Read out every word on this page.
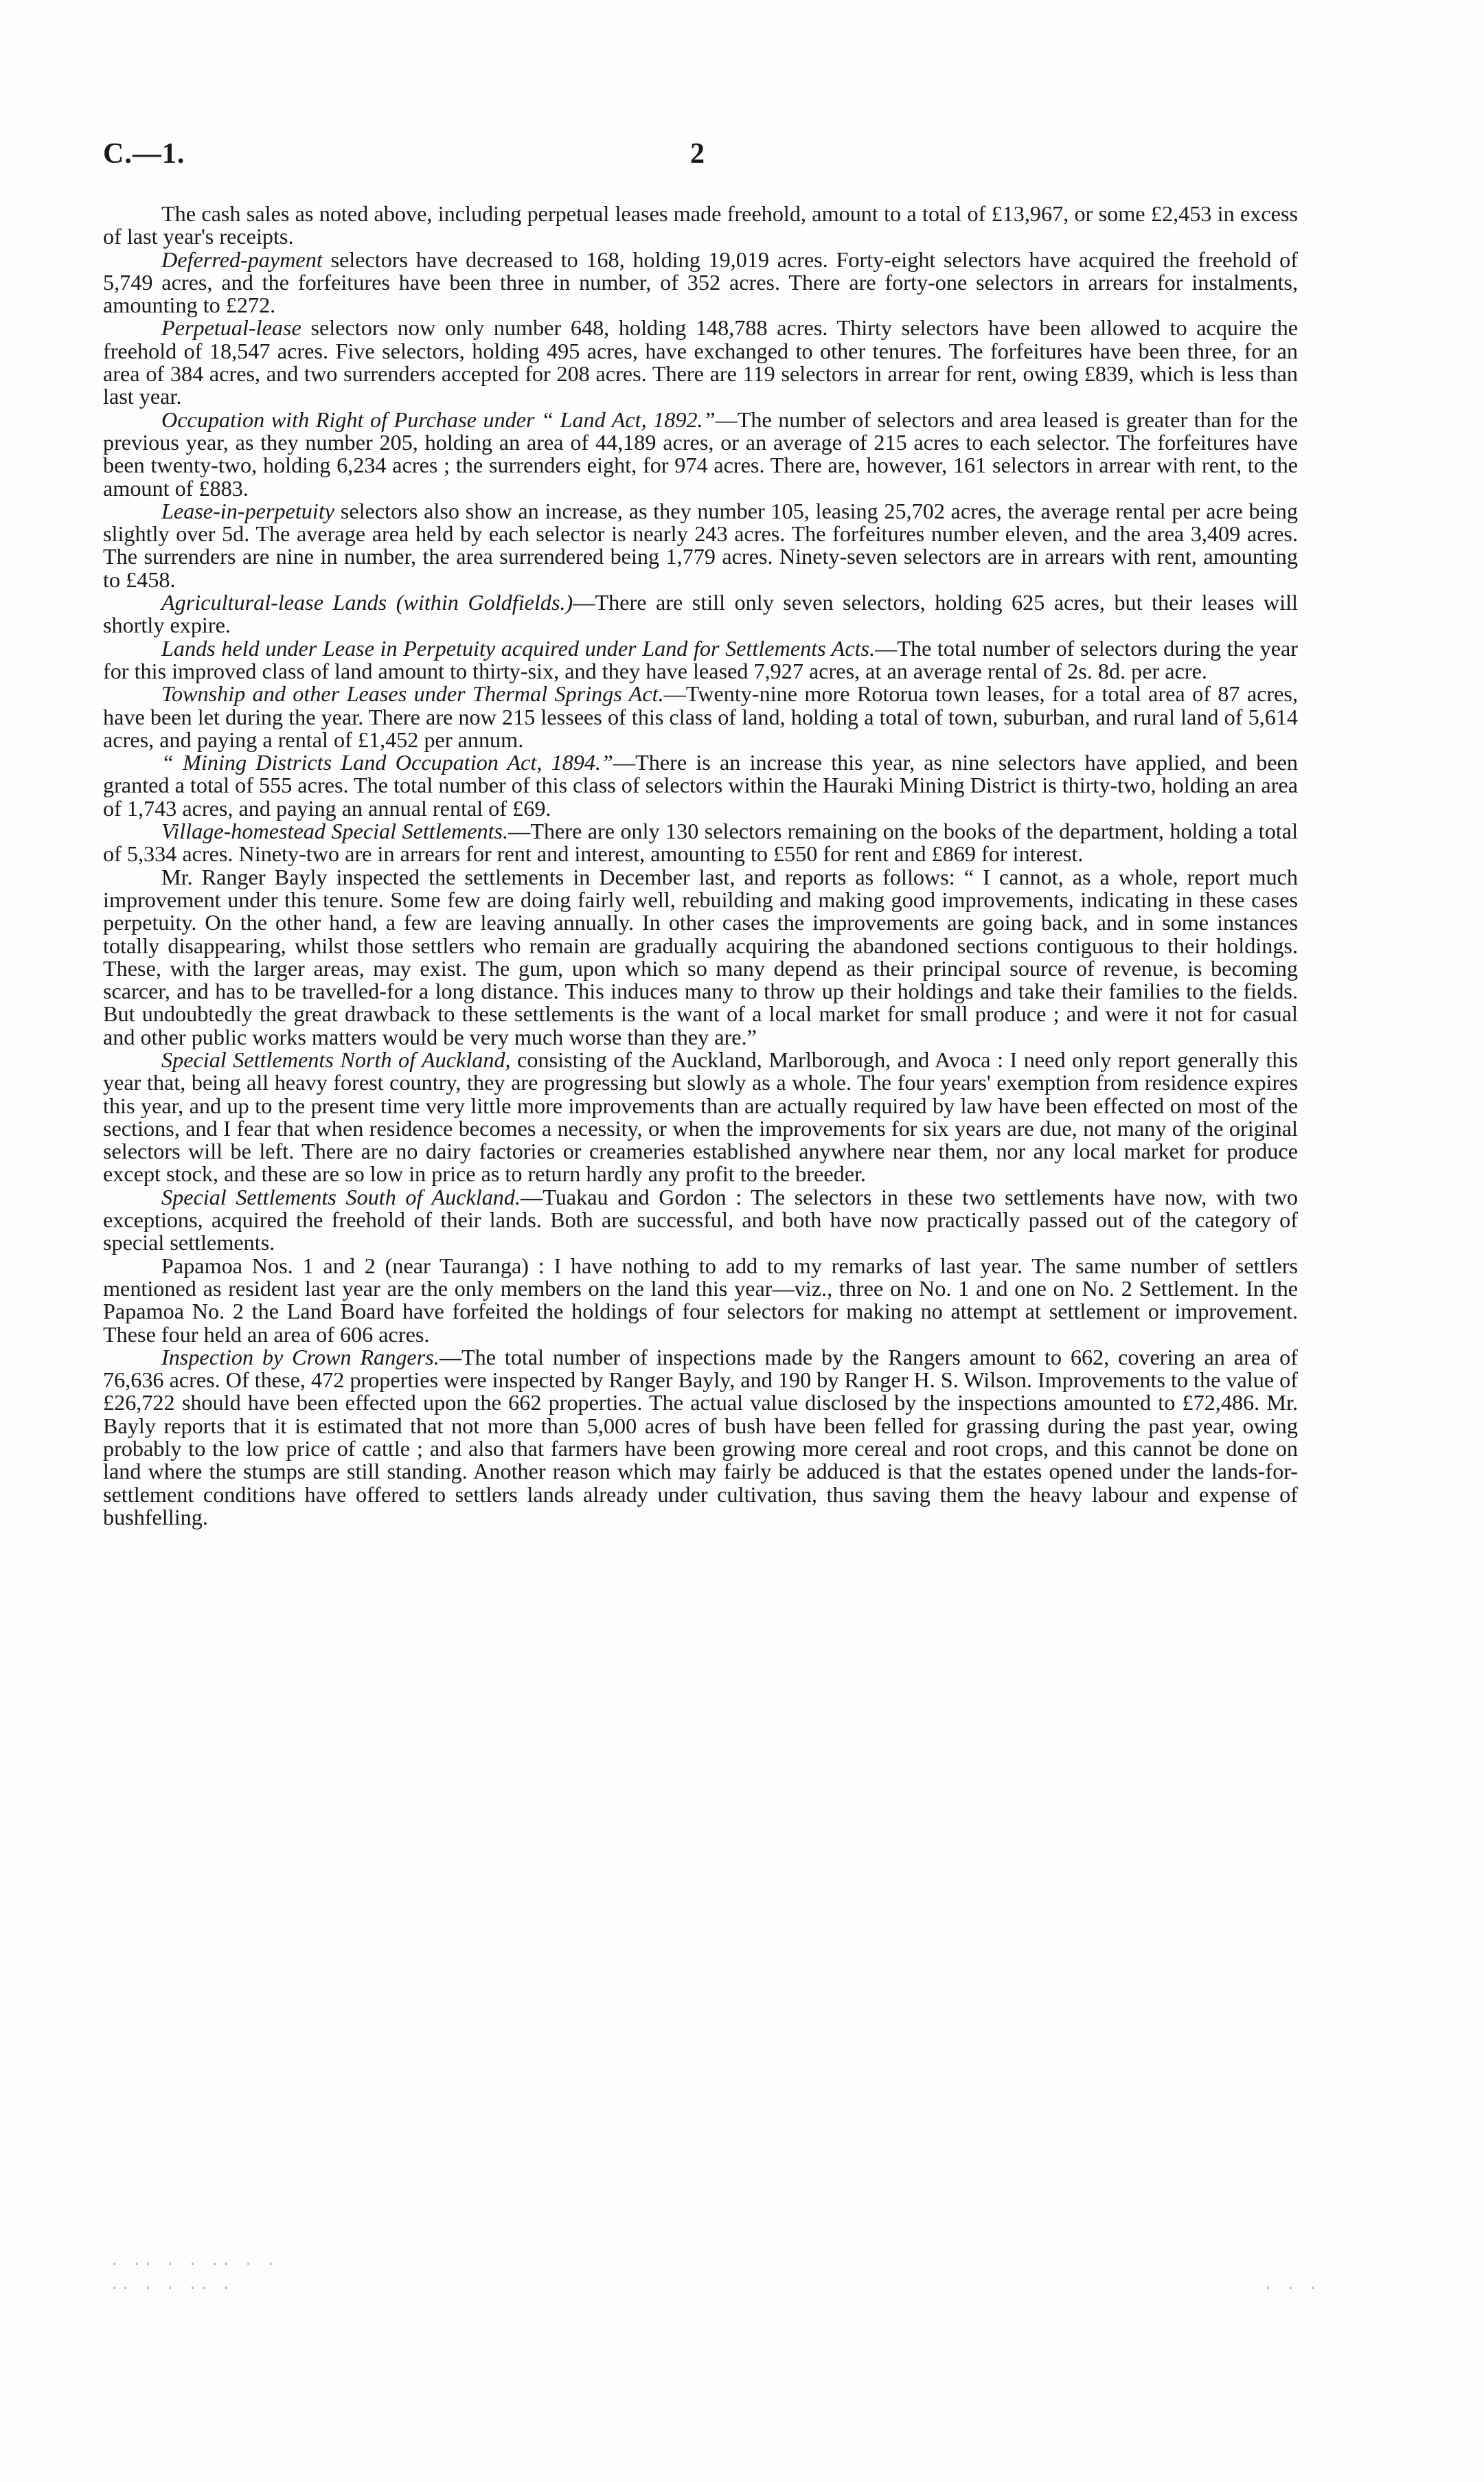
C.—1.	2

The cash sales as noted above, including perpetual leases made freehold, amount to a total of £13,967, or some £2,453 in excess of last year's receipts.

Deferred-payment selectors have decreased to 168, holding 19,019 acres. Forty-eight selectors have acquired the freehold of 5,749 acres, and the forfeitures have been three in number, of 352 acres. There are forty-one selectors in arrears for instalments, amounting to £272.

Perpetual-lease selectors now only number 648, holding 148,788 acres. Thirty selectors have been allowed to acquire the freehold of 18,547 acres. Five selectors, holding 495 acres, have exchanged to other tenures. The forfeitures have been three, for an area of 384 acres, and two surrenders accepted for 208 acres. There are 119 selectors in arrear for rent, owing £839, which is less than last year.

Occupation with Right of Purchase under “ Land Act, 1892.”—The number of selectors and area leased is greater than for the previous year, as they number 205, holding an area of 44,189 acres, or an average of 215 acres to each selector. The forfeitures have been twenty-two, holding 6,234 acres ; the surrenders eight, for 974 acres. There are, however, 161 selectors in arrear with rent, to the amount of £883.

Lease-in-perpetuity selectors also show an increase, as they number 105, leasing 25,702 acres, the average rental per acre being slightly over 5d. The average area held by each selector is nearly 243 acres. The forfeitures number eleven, and the area 3,409 acres. The surrenders are nine in number, the area surrendered being 1,779 acres. Ninety-seven selectors are in arrears with rent, amounting to £458.

Agricultural-lease Lands (within Goldfields.)—There are still only seven selectors, holding 625 acres, but their leases will shortly expire.

Lands held under Lease in Perpetuity acquired under Land for Settlements Acts.—The total number of selectors during the year for this improved class of land amount to thirty-six, and they have leased 7,927 acres, at an average rental of 2s. 8d. per acre.

Township and other Leases under Thermal Springs Act.—Twenty-nine more Rotorua town leases, for a total area of 87 acres, have been let during the year. There are now 215 lessees of this class of land, holding a total of town, suburban, and rural land of 5,614 acres, and paying a rental of £1,452 per annum.

“ Mining Districts Land Occupation Act, 1894.”—There is an increase this year, as nine selectors have applied, and been granted a total of 555 acres. The total number of this class of selectors within the Hauraki Mining District is thirty-two, holding an area of 1,743 acres, and paying an annual rental of £69.

Village-homestead Special Settlements.—There are only 130 selectors remaining on the books of the department, holding a total of 5,334 acres. Ninety-two are in arrears for rent and interest, amounting to £550 for rent and £869 for interest.

Mr. Ranger Bayly inspected the settlements in December last, and reports as follows: “ I cannot, as a whole, report much improvement under this tenure. Some few are doing fairly well, rebuilding and making good improvements, indicating in these cases perpetuity. On the other hand, a few are leaving annually. In other cases the improvements are going back, and in some instances totally disappearing, whilst those settlers who remain are gradually acquiring the abandoned sections contiguous to their holdings. These, with the larger areas, may exist. The gum, upon which so many depend as their principal source of revenue, is becoming scarcer, and has to be travelled-for a long distance. This induces many to throw up their holdings and take their families to the fields. But undoubtedly the great drawback to these settlements is the want of a local market for small produce ; and were it not for casual and other public works matters would be very much worse than they are.”

Special Settlements North of Auckland, consisting of the Auckland, Marlborough, and Avoca : I need only report generally this year that, being all heavy forest country, they are progressing but slowly as a whole. The four years' exemption from residence expires this year, and up to the present time very little more improvements than are actually required by law have been effected on most of the sections, and I fear that when residence becomes a necessity, or when the improvements for six years are due, not many of the original selectors will be left. There are no dairy factories or creameries established anywhere near them, nor any local market for produce except stock, and these are so low in price as to return hardly any profit to the breeder.

Special Settlements South of Auckland.—Tuakau and Gordon : The selectors in these two settlements have now, with two exceptions, acquired the freehold of their lands. Both are successful, and both have now practically passed out of the category of special settlements.

Papamoa Nos. 1 and 2 (near Tauranga) : I have nothing to add to my remarks of last year. The same number of settlers mentioned as resident last year are the only members on the land this year—viz., three on No. 1 and one on No. 2 Settlement. In the Papamoa No. 2 the Land Board have forfeited the holdings of four selectors for making no attempt at settlement or improvement. These four held an area of 606 acres.

Inspection by Crown Rangers.—The total number of inspections made by the Rangers amount to 662, covering an area of 76,636 acres. Of these, 472 properties were inspected by Ranger Bayly, and 190 by Ranger H. S. Wilson. Improvements to the value of £26,722 should have been effected upon the 662 properties. The actual value disclosed by the inspections amounted to £72,486. Mr. Bayly reports that it is estimated that not more than 5,000 acres of bush have been felled for grassing during the past year, owing probably to the low price of cattle ; and also that farmers have been growing more cereal and root crops, and this cannot be done on land where the stumps are still standing. Another reason which may fairly be adduced is that the estates opened under the lands-for-settlement conditions have offered to settlers lands already under cultivation, thus saving them the heavy labour and expense of bushfelling.

· ·· · · ·· · ·
·· · · ·· ·	· · ·
